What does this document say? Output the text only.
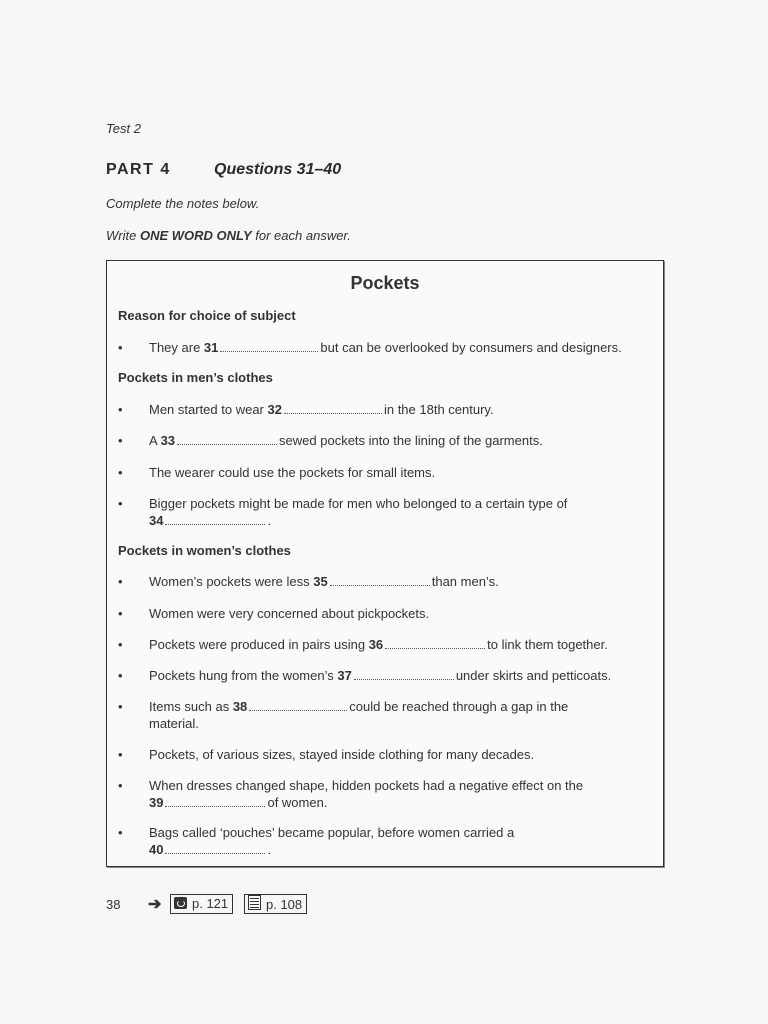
Test 2
PART 4	Questions 31–40
Complete the notes below.
Write ONE WORD ONLY for each answer.
Pockets
Reason for choice of subject
• They are 31	but can be overlooked by consumers and designers.
Pockets in men’s clothes
• Men started to wear 32	in the 18th century.
• A 33	sewed pockets into the lining of the garments.
• The wearer could use the pockets for small items.
• Bigger pockets might be made for men who belonged to a certain type of
34	.
Pockets in women’s clothes
• Women’s pockets were less 35	than men’s.
• Women were very concerned about pickpockets.
• Pockets were produced in pairs using 36	to link them together.
• Pockets hung from the women’s 37	under skirts and petticoats.
• Items such as 38	could be reached through a gap in the
material.
• Pockets, of various sizes, stayed inside clothing for many decades.
• When dresses changed shape, hidden pockets had a negative effect on the
39	of women.
• Bags called ‘pouches’ became popular, before women carried a
40	.
38 ➔	p. 121	p. 108
